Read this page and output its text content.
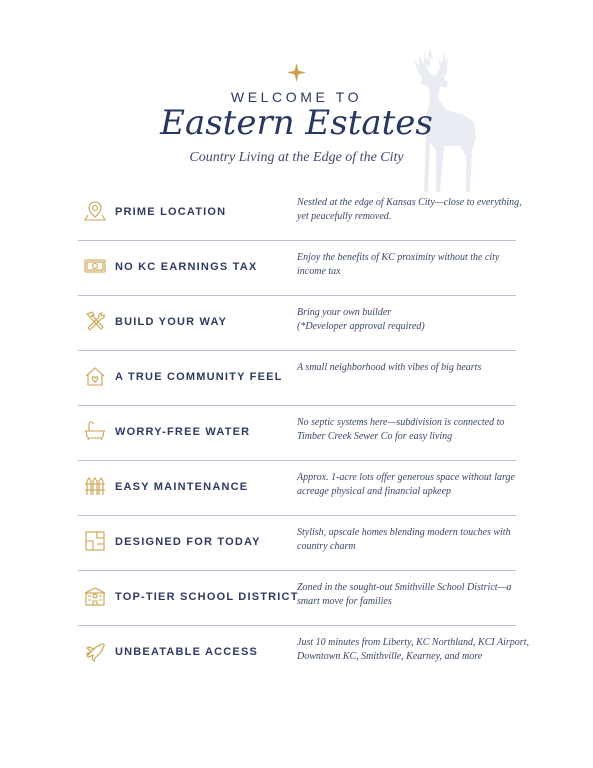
WELCOME TO
Eastern Estates
Country Living at the Edge of the City
PRIME LOCATION
Nestled at the edge of Kansas City—close to everything, yet peacefully removed.
NO KC EARNINGS TAX
Enjoy the benefits of KC proximity without the city income tax
BUILD YOUR WAY
Bring your own builder
(*Developer approval required)
A TRUE COMMUNITY FEEL
A small neighborhood with vibes of big hearts
WORRY-FREE WATER
No septic systems here—subdivision is connected to Timber Creek Sewer Co for easy living
EASY MAINTENANCE
Approx. 1-acre lots offer generous space without large acreage physical and financial upkeep
DESIGNED FOR TODAY
Stylish, upscale homes blending modern touches with country charm
TOP-TIER SCHOOL DISTRICT
Zoned in the sought-out Smithville School District—a smart move for families
UNBEATABLE ACCESS
Just 10 minutes from Liberty, KC Northland, KCI Airport, Downtown KC, Smithville, Kearney, and more
